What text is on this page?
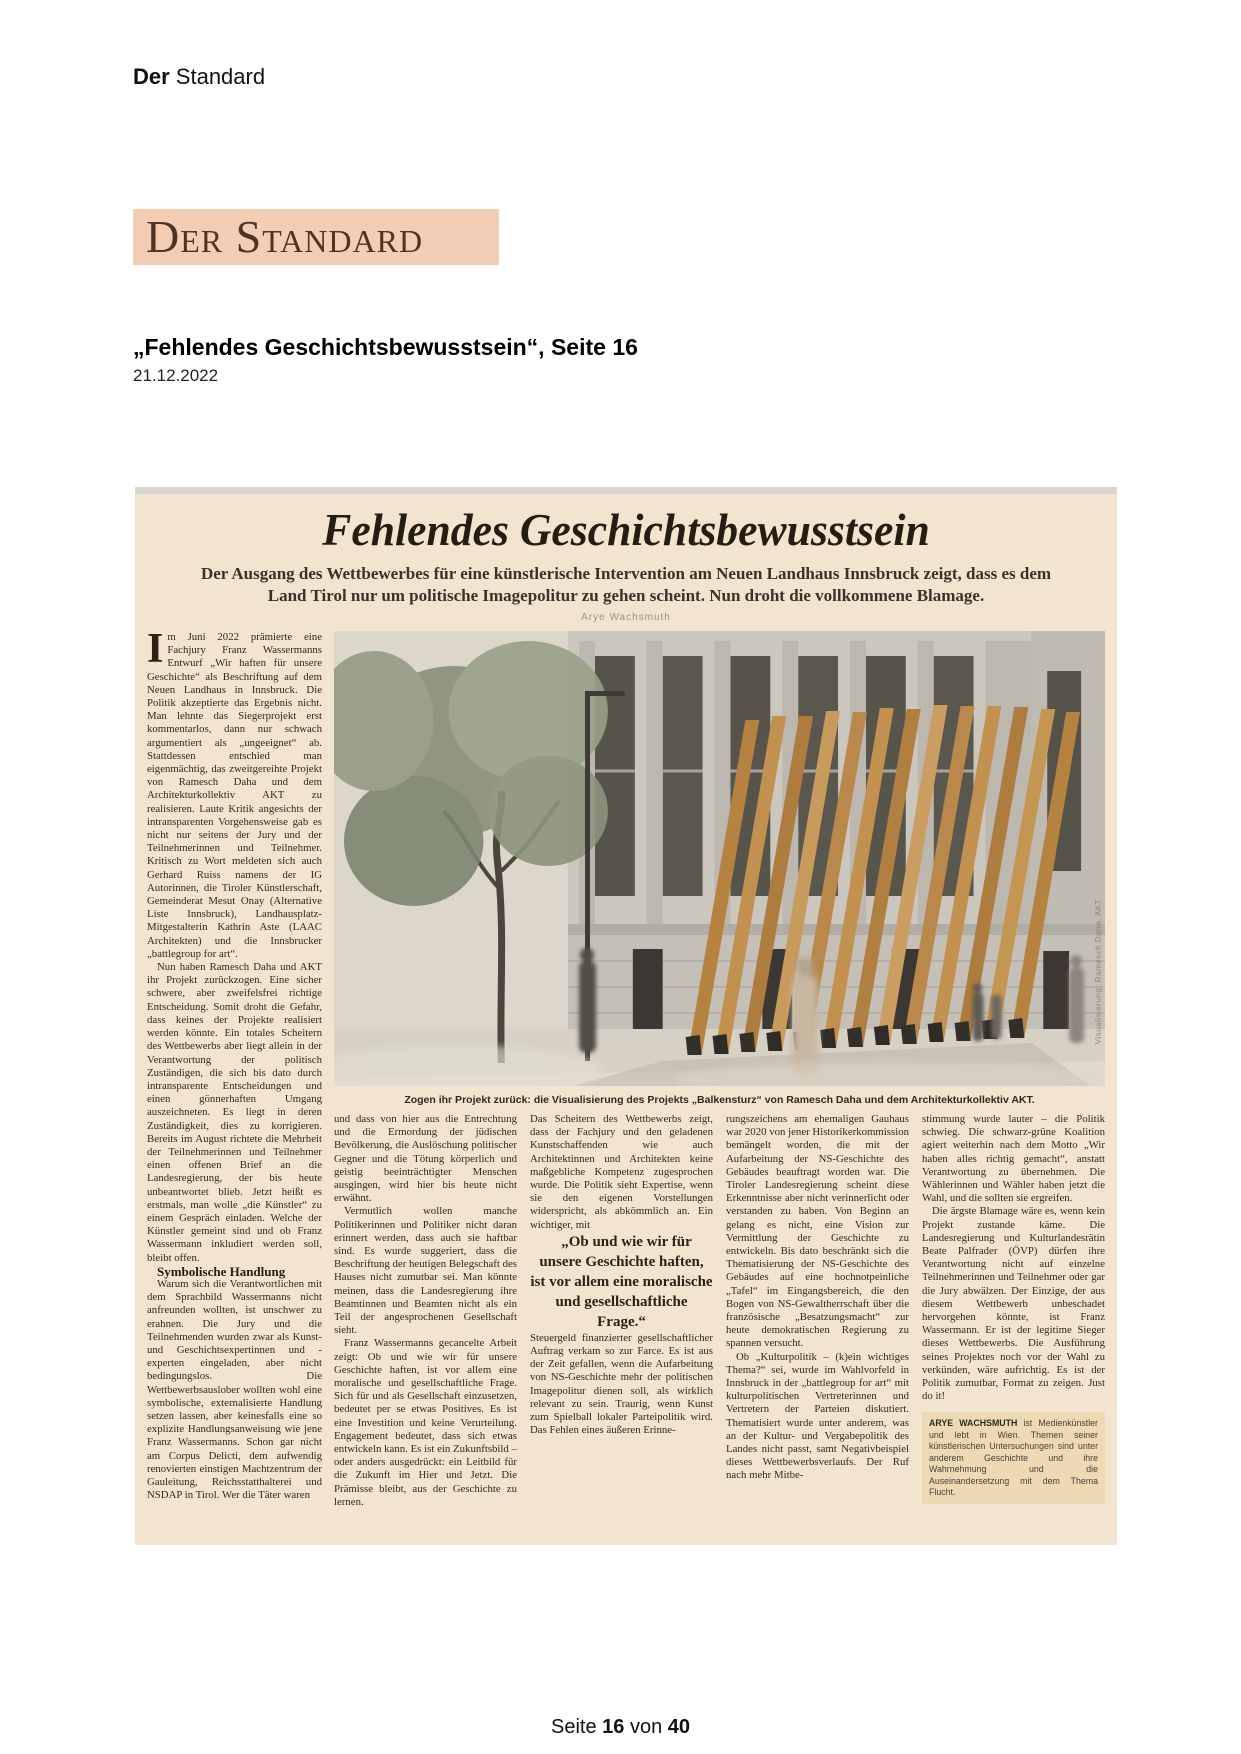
Der Standard
Der Standard
„Fehlendes Geschichtsbewusstsein“, Seite 16
21.12.2022
Fehlendes Geschichtsbewusstsein
Der Ausgang des Wettbewerbes für eine künstlerische Intervention am Neuen Landhaus Innsbruck zeigt, dass es dem Land Tirol nur um politische Imagepolitur zu gehen scheint. Nun droht die vollkommene Blamage.
Arye Wachsmuth

Im Juni 2022 prämierte eine Fachjury Franz Wassermanns Entwurf „Wir haften für unsere Geschichte“ als Beschriftung auf dem Neuen Landhaus in Innsbruck. Die Politik akzeptierte das Ergebnis nicht. Man lehnte das Siegerprojekt erst kommentarlos, dann nur schwach argumentiert als „ungeeignet“ ab. Stattdessen entschied man eigenmächtig, das zweitgereihte Projekt von Ramesch Daha und dem Architekturkollektiv AKT zu realisieren. Laute Kritik angesichts der intransparenten Vorgehensweise gab es nicht nur seitens der Jury und der Teilnehmerinnen und Teilnehmer. Kritisch zu Wort meldeten sich auch Gerhard Ruiss namens der IG Autorinnen, die Tiroler Künstlerschaft, Gemeinderat Mesut Onay (Alternative Liste Innsbruck), Landhausplatz-Mitgestalterin Kathrin Aste (LAAC Architekten) und die Innsbrucker „battlegroup for art“.

Nun haben Ramesch Daha und AKT ihr Projekt zurückzogen. Eine sicher schwere, aber zweifelsfrei richtige Entscheidung. Somit droht die Gefahr, dass keines der Projekte realisiert werden könnte. Ein totales Scheitern des Wettbewerbs aber liegt allein in der Verantwortung der politisch Zuständigen, die sich bis dato durch intransparente Entscheidungen und einen gönnerhaften Umgang auszeichneten. Es liegt in deren Zuständigkeit, dies zu korrigieren. Bereits im August richtete die Mehrheit der Teilnehmerinnen und Teilnehmer einen offenen Brief an die Landesregierung, der bis heute unbeantwortet blieb. Jetzt heißt es erstmals, man wolle „die Künstler“ zu einem Gespräch einladen. Welche der Künstler gemeint sind und ob Franz Wassermann inkludiert werden soll, bleibt offen.

Symbolische Handlung

Warum sich die Verantwortlichen mit dem Sprachbild Wassermanns nicht anfreunden wollten, ist unschwer zu erahnen. Die Jury und die Teilnehmenden wurden zwar als Kunst- und Geschichtsexpertinnen und -experten eingeladen, aber nicht bedingungslos. Die Wettbewerbsauslober wollten wohl eine symbolische, externalisierte Handlung setzen lassen, aber keinesfalls eine so explizite Handlungsanweisung wie jene Franz Wassermanns. Schon gar nicht am Corpus Delicti, dem aufwendig renovierten einstigen Machtzentrum der Gauleitung, Reichsstatthalterei und NSDAP in Tirol. Wer die Täter waren

Visualisierung: Ramesch Daha, AKT
Zogen ihr Projekt zurück: die Visualisierung des Projekts „Balkensturz“ von Ramesch Daha und dem Architekturkollektiv AKT.

und dass von hier aus die Entrechtung und die Ermordung der jüdischen Bevölkerung, die Auslöschung politischer Gegner und die Tötung körperlich und geistig beeinträchtigter Menschen ausgingen, wird hier bis heute nicht erwähnt.

Vermutlich wollen manche Politikerinnen und Politiker nicht daran erinnert werden, dass auch sie haftbar sind. Es wurde suggeriert, dass die Beschriftung der heutigen Belegschaft des Hauses nicht zumutbar sei. Man könnte meinen, dass die Landesregierung ihre Beamtinnen und Beamten nicht als ein Teil der angesprochenen Gesellschaft sieht.

Franz Wassermanns gecancelte Arbeit zeigt: Ob und wie wir für unsere Geschichte haften, ist vor allem eine moralische und gesellschaftliche Frage. Sich für und als Gesellschaft einzusetzen, bedeutet per se etwas Positives. Es ist eine Investition und keine Verurteilung. Engagement bedeutet, dass sich etwas entwickeln kann. Es ist ein Zukunftsbild – oder anders ausgedrückt: ein Leitbild für die Zukunft im Hier und Jetzt. Die Prämisse bleibt, aus der Geschichte zu lernen.

Das Scheitern des Wettbewerbs zeigt, dass der Fachjury und den geladenen Kunstschaffenden wie auch Architektinnen und Architekten keine maßgebliche Kompetenz zugesprochen wurde. Die Politik sieht Expertise, wenn sie den eigenen Vorstellungen widerspricht, als abkömmlich an. Ein wichtiger, mit

„Ob und wie wir für unsere Geschichte haften, ist vor allem eine moralische und gesellschaftliche Frage.“

Steuergeld finanzierter gesellschaftlicher Auftrag verkam so zur Farce. Es ist aus der Zeit gefallen, wenn die Aufarbeitung von NS-Geschichte mehr der politischen Imagepolitur dienen soll, als wirklich relevant zu sein. Traurig, wenn Kunst zum Spielball lokaler Parteipolitik wird. Das Fehlen eines äußeren Erinne-

rungszeichens am ehemaligen Gauhaus war 2020 von jener Historikerkommission bemängelt worden, die mit der Aufarbeitung der NS-Geschichte des Gebäudes beauftragt worden war. Die Tiroler Landesregierung scheint diese Erkenntnisse aber nicht verinnerlicht oder verstanden zu haben. Von Beginn an gelang es nicht, eine Vision zur Vermittlung der Geschichte zu entwickeln. Bis dato beschränkt sich die Thematisierung der NS-Geschichte des Gebäudes auf eine hochnotpeinliche „Tafel“ im Eingangsbereich, die den Bogen von NS-Gewaltherrschaft über die französische „Besatzungsmacht“ zur heute demokratischen Regierung zu spannen versucht.

Ob „Kulturpolitik – (k)ein wichtiges Thema?“ sei, wurde im Wahlvorfeld in Innsbruck in der „battlegroup for art“ mit kulturpolitischen Vertreterinnen und Vertretern der Parteien diskutiert. Thematisiert wurde unter anderem, was an der Kultur- und Vergabepolitik des Landes nicht passt, samt Negativbeispiel dieses Wettbewerbsverlaufs. Der Ruf nach mehr Mitbe-

stimmung wurde lauter – die Politik schwieg. Die schwarz-grüne Koalition agiert weiterhin nach dem Motto „Wir haben alles richtig gemacht“, anstatt Verantwortung zu übernehmen. Die Wählerinnen und Wähler haben jetzt die Wahl, und die sollten sie ergreifen.

Die ärgste Blamage wäre es, wenn kein Projekt zustande käme. Die Landesregierung und Kulturlandesrätin Beate Palfrader (ÖVP) dürfen ihre Verantwortung nicht auf einzelne Teilnehmerinnen und Teilnehmer oder gar die Jury abwälzen. Der Einzige, der aus diesem Wettbewerb unbeschadet hervorgehen könnte, ist Franz Wassermann. Er ist der legitime Sieger dieses Wettbewerbs. Die Ausführung seines Projektes noch vor der Wahl zu verkünden, wäre aufrichtig. Es ist der Politik zumutbar, Format zu zeigen. Just do it!

ARYE WACHSMUTH ist Medienkünstler und lebt in Wien. Themen seiner künstlerischen Untersuchungen sind unter anderem Geschichte und ihre Wahrnehmung und die Auseinandersetzung mit dem Thema Flucht.
Seite 16 von 40
